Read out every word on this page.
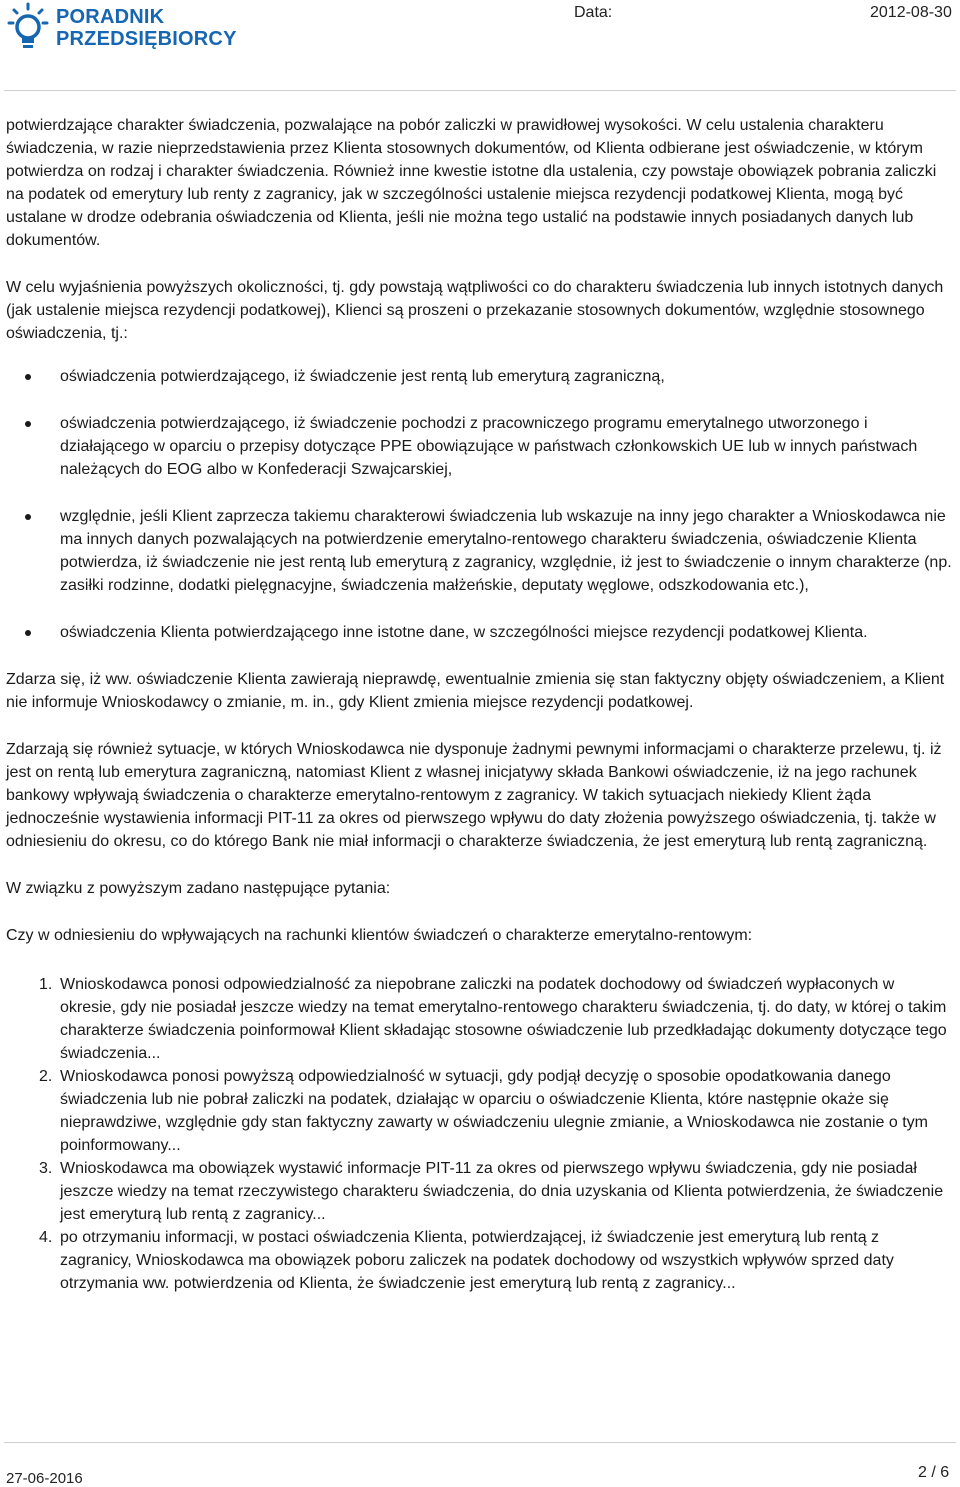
PORADNIK
PRZEDSIĘBIORCY
Data:	2012-08-30

potwierdzające charakter świadczenia, pozwalające na pobór zaliczki w prawidłowej wysokości. W celu ustalenia charakteru świadczenia, w razie nieprzedstawienia przez Klienta stosownych dokumentów, od Klienta odbierane jest oświadczenie, w którym potwierdza on rodzaj i charakter świadczenia. Również inne kwestie istotne dla ustalenia, czy powstaje obowiązek pobrania zaliczki na podatek od emerytury lub renty z zagranicy, jak w szczególności ustalenie miejsca rezydencji podatkowej Klienta, mogą być ustalane w drodze odebrania oświadczenia od Klienta, jeśli nie można tego ustalić na podstawie innych posiadanych danych lub dokumentów.

W celu wyjaśnienia powyższych okoliczności, tj. gdy powstają wątpliwości co do charakteru świadczenia lub innych istotnych danych (jak ustalenie miejsca rezydencji podatkowej), Klienci są proszeni o przekazanie stosownych dokumentów, względnie stosownego oświadczenia, tj.:

oświadczenia potwierdzającego, iż świadczenie jest rentą lub emeryturą zagraniczną,
oświadczenia potwierdzającego, iż świadczenie pochodzi z pracowniczego programu emerytalnego utworzonego i działającego w oparciu o przepisy dotyczące PPE obowiązujące w państwach członkowskich UE lub w innych państwach należących do EOG albo w Konfederacji Szwajcarskiej,
względnie, jeśli Klient zaprzecza takiemu charakterowi świadczenia lub wskazuje na inny jego charakter a Wnioskodawca nie ma innych danych pozwalających na potwierdzenie emerytalno-rentowego charakteru świadczenia, oświadczenie Klienta potwierdza, iż świadczenie nie jest rentą lub emeryturą z zagranicy, względnie, iż jest to świadczenie o innym charakterze (np. zasiłki rodzinne, dodatki pielęgnacyjne, świadczenia małżeńskie, deputaty węglowe, odszkodowania etc.),
oświadczenia Klienta potwierdzającego inne istotne dane, w szczególności miejsce rezydencji podatkowej Klienta.

Zdarza się, iż ww. oświadczenie Klienta zawierają nieprawdę, ewentualnie zmienia się stan faktyczny objęty oświadczeniem, a Klient nie informuje Wnioskodawcy o zmianie, m. in., gdy Klient zmienia miejsce rezydencji podatkowej.

Zdarzają się również sytuacje, w których Wnioskodawca nie dysponuje żadnymi pewnymi informacjami o charakterze przelewu, tj. iż jest on rentą lub emerytura zagraniczną, natomiast Klient z własnej inicjatywy składa Bankowi oświadczenie, iż na jego rachunek bankowy wpływają świadczenia o charakterze emerytalno-rentowym z zagranicy. W takich sytuacjach niekiedy Klient żąda jednocześnie wystawienia informacji PIT-11 za okres od pierwszego wpływu do daty złożenia powyższego oświadczenia, tj. także w odniesieniu do okresu, co do którego Bank nie miał informacji o charakterze świadczenia, że jest emeryturą lub rentą zagraniczną.

W związku z powyższym zadano następujące pytania:

Czy w odniesieniu do wpływających na rachunki klientów świadczeń o charakterze emerytalno-rentowym:

1. Wnioskodawca ponosi odpowiedzialność za niepobrane zaliczki na podatek dochodowy od świadczeń wypłaconych w okresie, gdy nie posiadał jeszcze wiedzy na temat emerytalno-rentowego charakteru świadczenia, tj. do daty, w której o takim charakterze świadczenia poinformował Klient składając stosowne oświadczenie lub przedkładając dokumenty dotyczące tego świadczenia...
2. Wnioskodawca ponosi powyższą odpowiedzialność w sytuacji, gdy podjął decyzję o sposobie opodatkowania danego świadczenia lub nie pobrał zaliczki na podatek, działając w oparciu o oświadczenie Klienta, które następnie okaże się nieprawdziwe, względnie gdy stan faktyczny zawarty w oświadczeniu ulegnie zmianie, a Wnioskodawca nie zostanie o tym poinformowany...
3. Wnioskodawca ma obowiązek wystawić informacje PIT-11 za okres od pierwszego wpływu świadczenia, gdy nie posiadał jeszcze wiedzy na temat rzeczywistego charakteru świadczenia, do dnia uzyskania od Klienta potwierdzenia, że świadczenie jest emeryturą lub rentą z zagranicy...
4. po otrzymaniu informacji, w postaci oświadczenia Klienta, potwierdzającej, iż świadczenie jest emeryturą lub rentą z zagranicy, Wnioskodawca ma obowiązek poboru zaliczek na podatek dochodowy od wszystkich wpływów sprzed daty otrzymania ww. potwierdzenia od Klienta, że świadczenie jest emeryturą lub rentą z zagranicy...
27-06-2016	2 / 6
